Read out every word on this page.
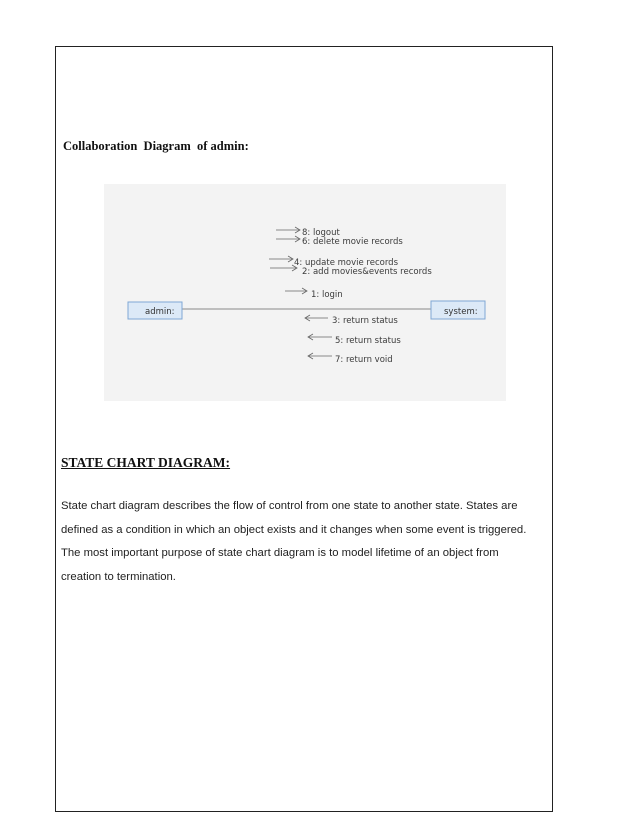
Collaboration  Diagram  of admin:
admin:	system:
8: logout
6: delete movie records
4: update movie records
2: add movies&events records
1: login
3: return status
5: return status
7: return void
STATE CHART DIAGRAM:
State chart diagram describes the flow of control from one state to another state. States are
defined as a condition in which an object exists and it changes when some event is triggered.
The most important purpose of state chart diagram is to model lifetime of an object from
creation to termination.
